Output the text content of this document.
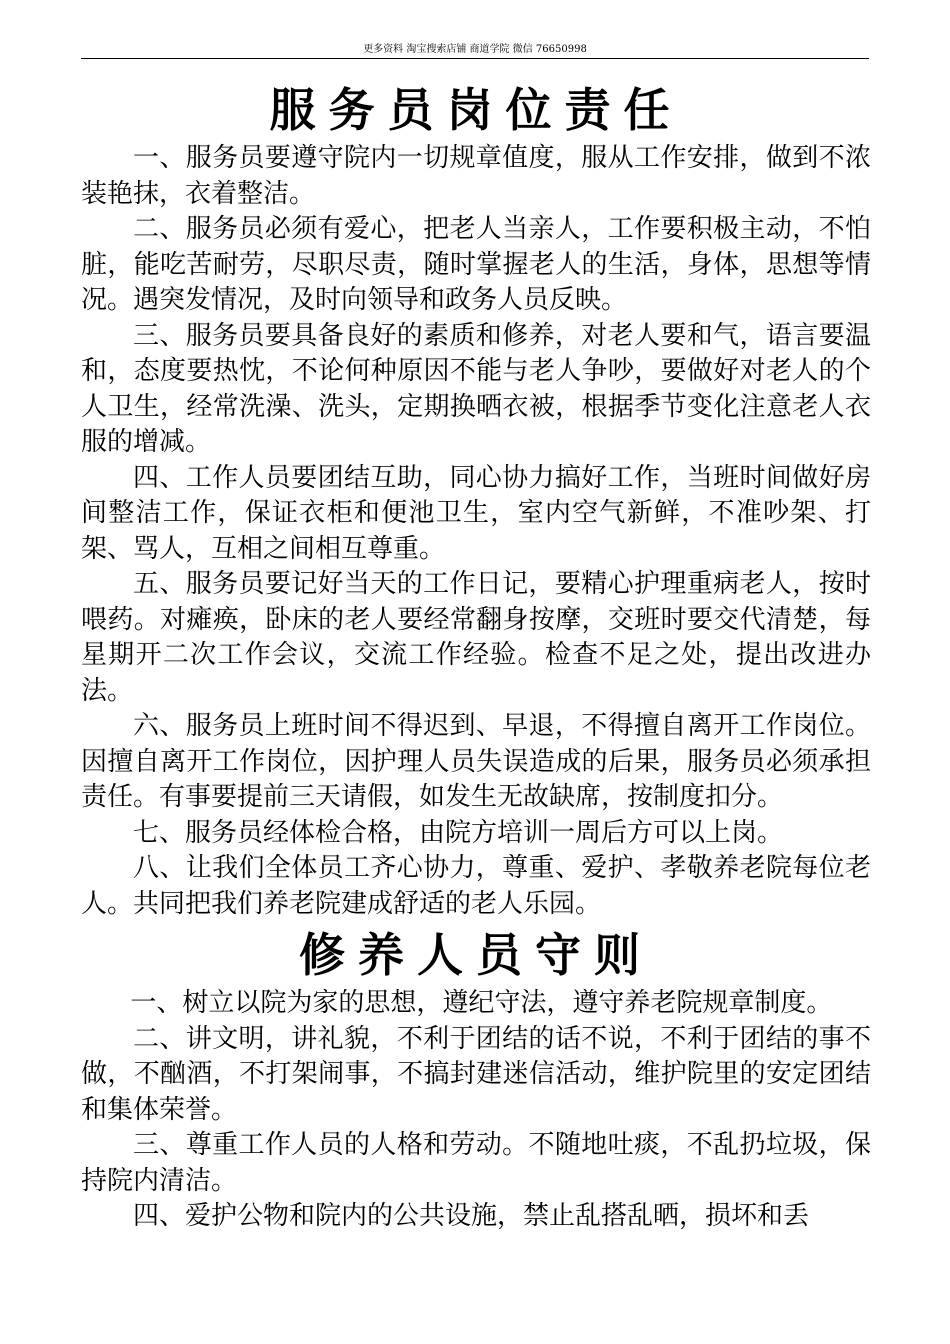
更多资料 淘宝搜索店铺 商道学院 微信 76650998
服务员岗位责任

一、服务员要遵守院内一切规章值度，服从工作安排，做到不浓装艳抹，衣着整洁。

二、服务员必须有爱心，把老人当亲人，工作要积极主动，不怕脏，能吃苦耐劳，尽职尽责，随时掌握老人的生活，身体，思想等情况。遇突发情况，及时向领导和政务人员反映。

三、服务员要具备良好的素质和修养，对老人要和气，语言要温和，态度要热忱，不论何种原因不能与老人争吵，要做好对老人的个人卫生，经常洗澡、洗头，定期换晒衣被，根据季节变化注意老人衣服的增减。

四、工作人员要团结互助，同心协力搞好工作，当班时间做好房间整洁工作，保证衣柜和便池卫生，室内空气新鲜，不准吵架、打架、骂人，互相之间相互尊重。

五、服务员要记好当天的工作日记，要精心护理重病老人，按时喂药。对瘫痪，卧床的老人要经常翻身按摩，交班时要交代清楚，每星期开二次工作会议，交流工作经验。检查不足之处，提出改进办法。

六、服务员上班时间不得迟到、早退，不得擅自离开工作岗位。因擅自离开工作岗位，因护理人员失误造成的后果，服务员必须承担责任。有事要提前三天请假，如发生无故缺席，按制度扣分。

七、服务员经体检合格，由院方培训一周后方可以上岗。

八、让我们全体员工齐心协力，尊重、爱护、孝敬养老院每位老人。共同把我们养老院建成舒适的老人乐园。

修养人员守则

一、树立以院为家的思想，遵纪守法，遵守养老院规章制度。

二、讲文明，讲礼貌，不利于团结的话不说，不利于团结的事不做，不酗酒，不打架闹事，不搞封建迷信活动，维护院里的安定团结和集体荣誉。

三、尊重工作人员的人格和劳动。不随地吐痰，不乱扔垃圾，保持院内清洁。

四、爱护公物和院内的公共设施，禁止乱搭乱晒，损坏和丢
